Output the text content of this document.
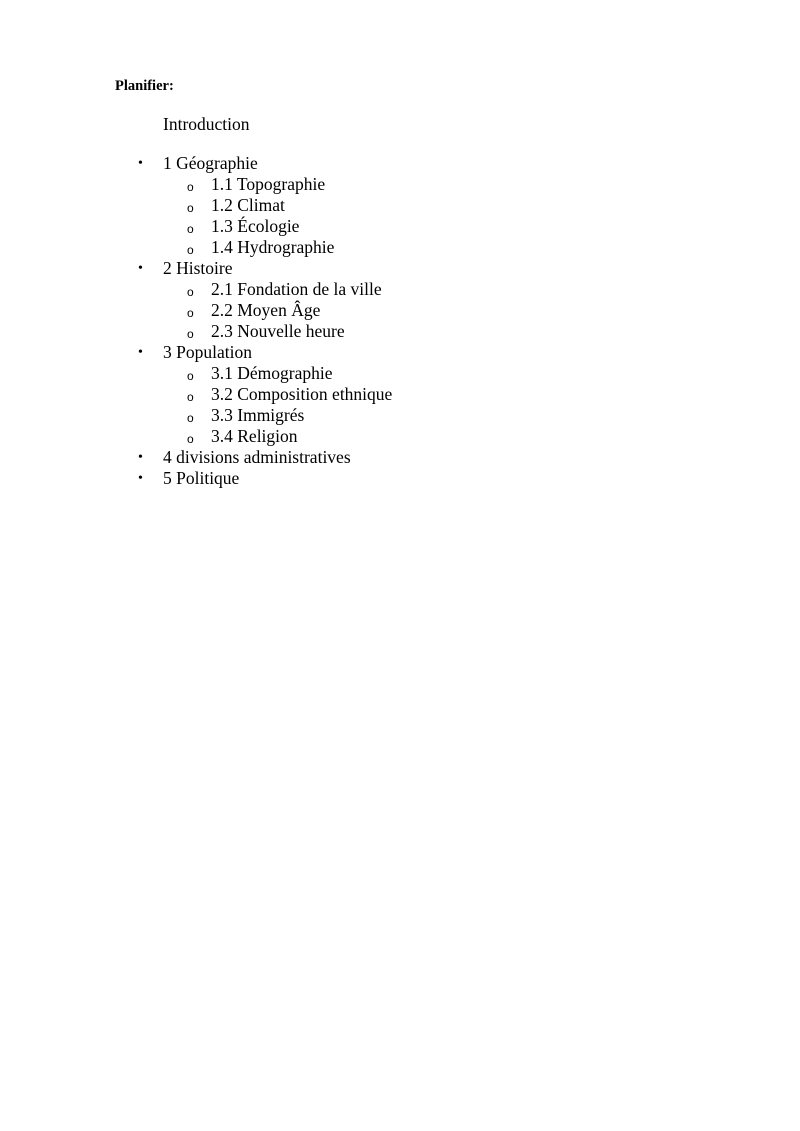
Planifier:

Introduction

• 1 Géographie
o 1.1 Topographie
o 1.2 Climat
o 1.3 Écologie
o 1.4 Hydrographie
• 2 Histoire
o 2.1 Fondation de la ville
o 2.2 Moyen Âge
o 2.3 Nouvelle heure
• 3 Population
o 3.1 Démographie
o 3.2 Composition ethnique
o 3.3 Immigrés
o 3.4 Religion
• 4 divisions administratives
• 5 Politique
